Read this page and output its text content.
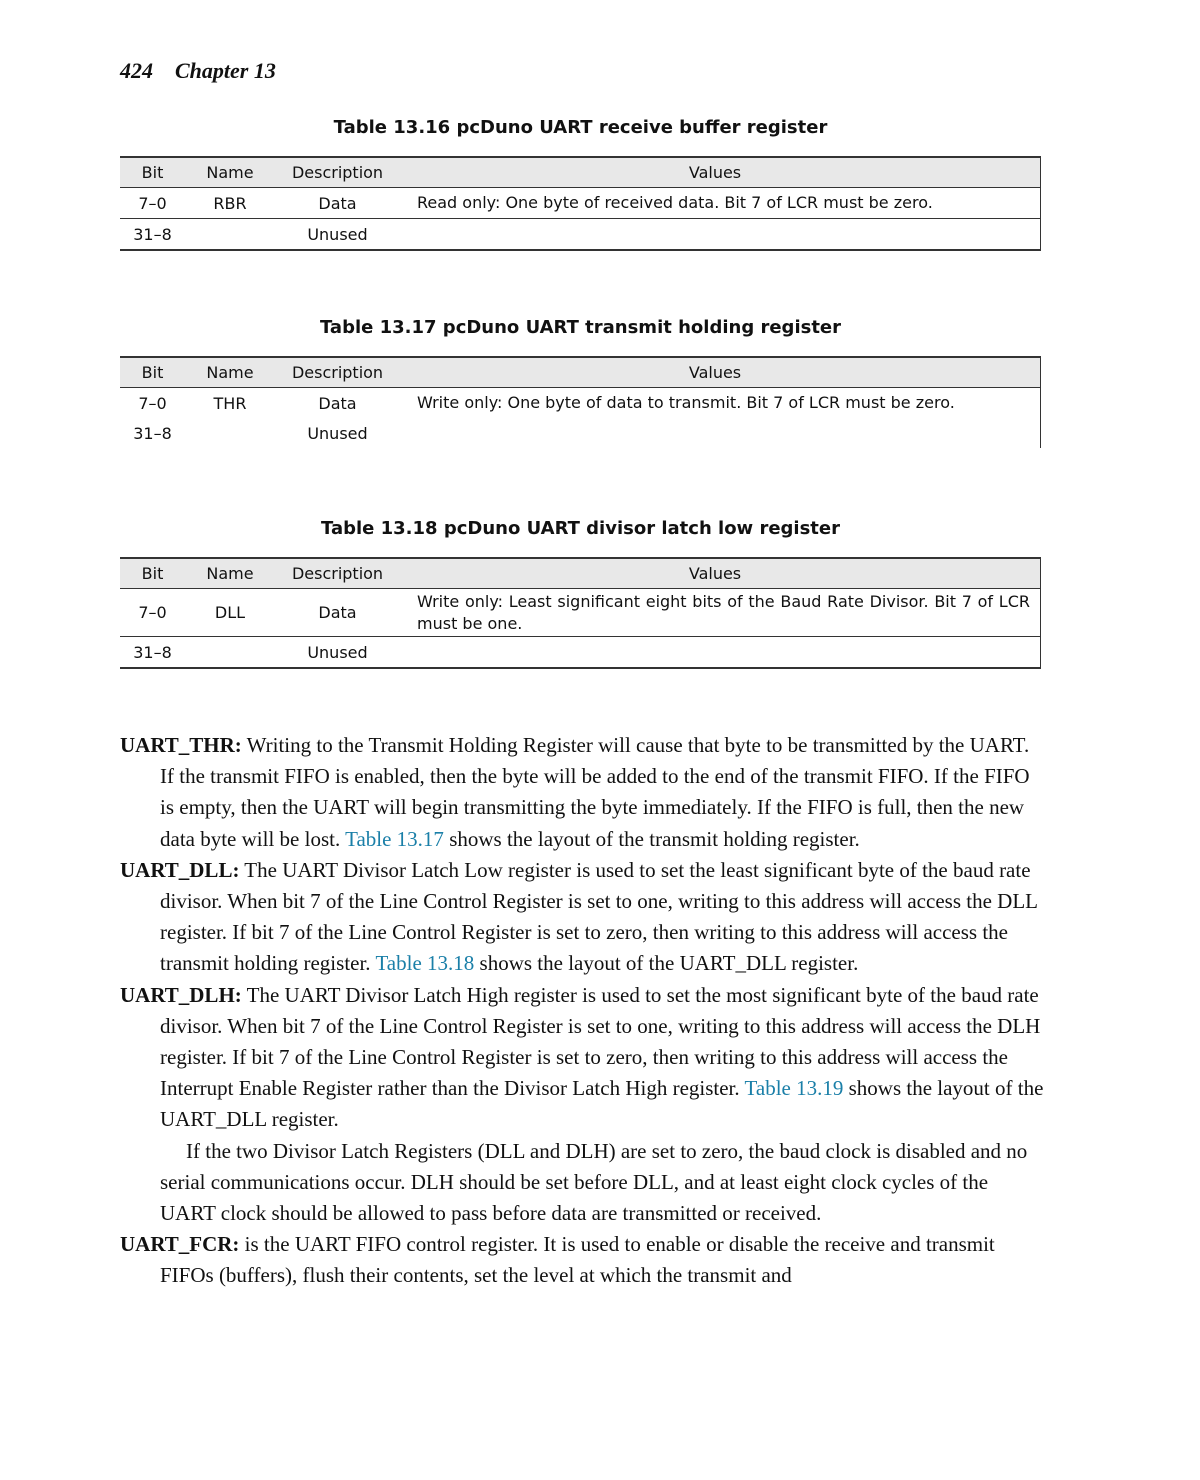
424 Chapter 13
Table 13.16 pcDuno UART receive buffer register
Bit	Name	Description	Values
7–0	RBR	Data	Read only: One byte of received data. Bit 7 of LCR must be zero.
31–8		Unused	
Table 13.17 pcDuno UART transmit holding register
Bit	Name	Description	Values
7–0	THR	Data	Write only: One byte of data to transmit. Bit 7 of LCR must be zero.
31–8		Unused	
Table 13.18 pcDuno UART divisor latch low register
Bit	Name	Description	Values
7–0	DLL	Data	Write only: Least significant eight bits of the Baud Rate Divisor. Bit 7 of LCR must be one.
31–8		Unused	

UART_THR: Writing to the Transmit Holding Register will cause that byte to be transmitted by the UART. If the transmit FIFO is enabled, then the byte will be added to the end of the transmit FIFO. If the FIFO is empty, then the UART will begin transmitting the byte immediately. If the FIFO is full, then the new data byte will be lost. Table 13.17 shows the layout of the transmit holding register.

UART_DLL: The UART Divisor Latch Low register is used to set the least significant byte of the baud rate divisor. When bit 7 of the Line Control Register is set to one, writing to this address will access the DLL register. If bit 7 of the Line Control Register is set to zero, then writing to this address will access the transmit holding register. Table 13.18 shows the layout of the UART_DLL register.

UART_DLH: The UART Divisor Latch High register is used to set the most significant byte of the baud rate divisor. When bit 7 of the Line Control Register is set to one, writing to this address will access the DLH register. If bit 7 of the Line Control Register is set to zero, then writing to this address will access the Interrupt Enable Register rather than the Divisor Latch High register. Table 13.19 shows the layout of the UART_DLL register.

If the two Divisor Latch Registers (DLL and DLH) are set to zero, the baud clock is disabled and no serial communications occur. DLH should be set before DLL, and at least eight clock cycles of the UART clock should be allowed to pass before data are transmitted or received.

UART_FCR: is the UART FIFO control register. It is used to enable or disable the receive and transmit FIFOs (buffers), flush their contents, set the level at which the transmit and
